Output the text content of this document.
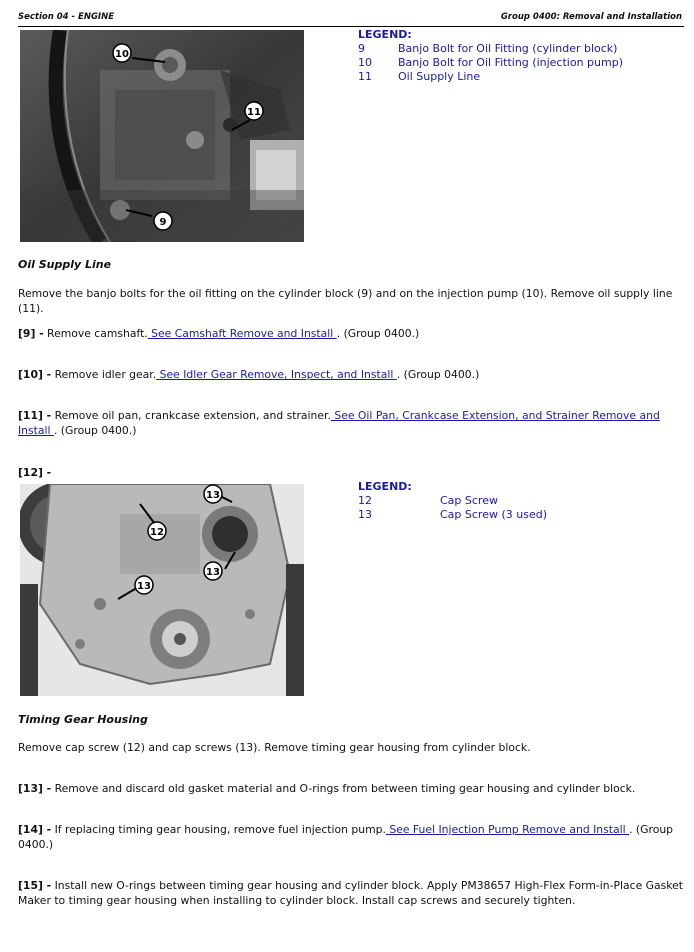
Section 04 - ENGINE	Group 0400: Removal and Installation
10
11
9
LEGEND:
9	Banjo Bolt for Oil Fitting (cylinder block)
10	Banjo Bolt for Oil Fitting (injection pump)
11	Oil Supply Line
Oil Supply Line
Remove the banjo bolts for the oil fitting on the cylinder block (9) and on the injection pump (10). Remove oil supply line (11).
[9] - Remove camshaft. See Camshaft Remove and Install . (Group 0400.)
[10] - Remove idler gear. See Idler Gear Remove, Inspect, and Install . (Group 0400.)
[11] - Remove oil pan, crankcase extension, and strainer. See Oil Pan, Crankcase Extension, and Strainer Remove and Install . (Group 0400.)
[12] -
13
12
13
13
LEGEND:
12	Cap Screw
13	Cap Screw (3 used)
Timing Gear Housing
Remove cap screw (12) and cap screws (13). Remove timing gear housing from cylinder block.
[13] - Remove and discard old gasket material and O-rings from between timing gear housing and cylinder block.
[14] - If replacing timing gear housing, remove fuel injection pump. See Fuel Injection Pump Remove and Install . (Group 0400.)
[15] - Install new O-rings between timing gear housing and cylinder block. Apply PM38657 High-Flex Form-in-Place Gasket Maker to timing gear housing when installing to cylinder block. Install cap screws and securely tighten.
